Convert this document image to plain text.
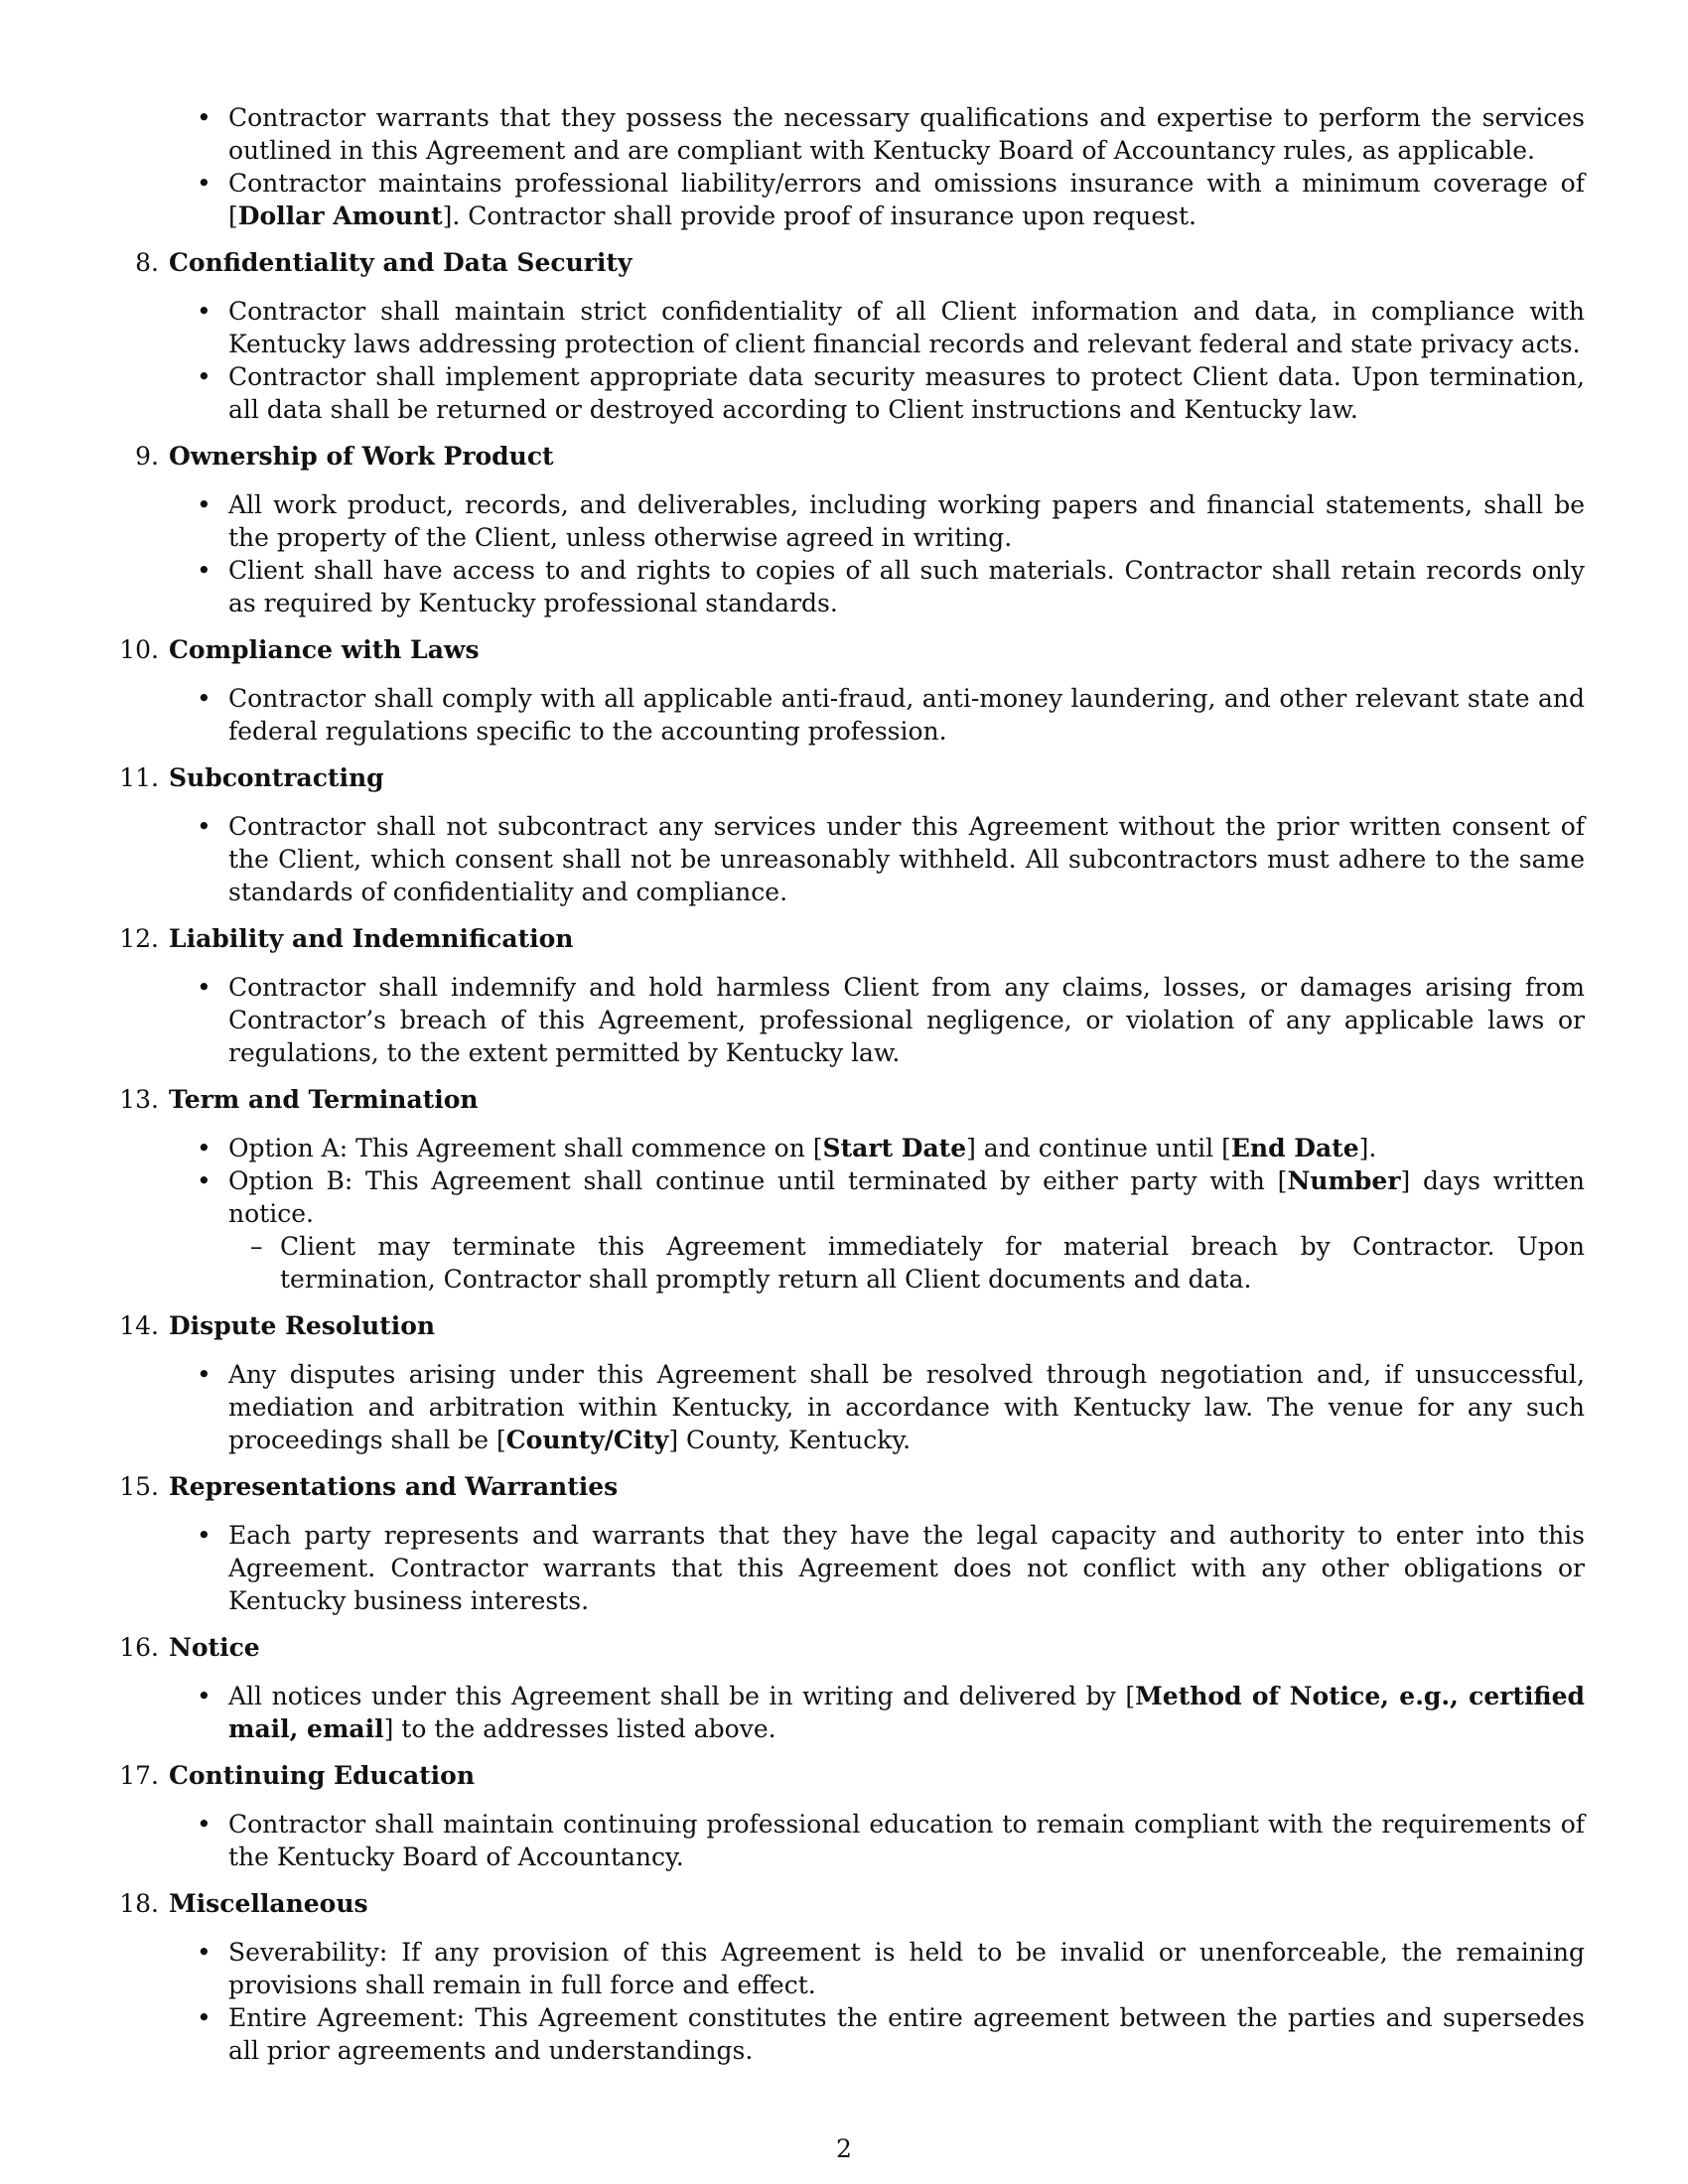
• Contractor warrants that they possess the necessary qualifications and expertise to perform the services outlined in this Agreement and are compliant with Kentucky Board of Accountancy rules, as applicable.
• Contractor maintains professional liability/errors and omissions insurance with a minimum coverage of [Dollar Amount]. Contractor shall provide proof of insurance upon request.
8. Confidentiality and Data Security
• Contractor shall maintain strict confidentiality of all Client information and data, in compliance with Kentucky laws addressing protection of client financial records and relevant federal and state privacy acts.
• Contractor shall implement appropriate data security measures to protect Client data. Upon termination, all data shall be returned or destroyed according to Client instructions and Kentucky law.
9. Ownership of Work Product
• All work product, records, and deliverables, including working papers and financial statements, shall be the property of the Client, unless otherwise agreed in writing.
• Client shall have access to and rights to copies of all such materials. Contractor shall retain records only as required by Kentucky professional standards.
10. Compliance with Laws
• Contractor shall comply with all applicable anti-fraud, anti-money laundering, and other relevant state and federal regulations specific to the accounting profession.
11. Subcontracting
• Contractor shall not subcontract any services under this Agreement without the prior written consent of the Client, which consent shall not be unreasonably withheld. All subcontractors must adhere to the same standards of confidentiality and compliance.
12. Liability and Indemnification
• Contractor shall indemnify and hold harmless Client from any claims, losses, or damages arising from Contractor’s breach of this Agreement, professional negligence, or violation of any applicable laws or regulations, to the extent permitted by Kentucky law.
13. Term and Termination
• Option A: This Agreement shall commence on [Start Date] and continue until [End Date].
• Option B: This Agreement shall continue until terminated by either party with [Number] days written notice.
– Client may terminate this Agreement immediately for material breach by Contractor. Upon termination, Contractor shall promptly return all Client documents and data.
14. Dispute Resolution
• Any disputes arising under this Agreement shall be resolved through negotiation and, if unsuccessful, mediation and arbitration within Kentucky, in accordance with Kentucky law. The venue for any such proceedings shall be [County/City] County, Kentucky.
15. Representations and Warranties
• Each party represents and warrants that they have the legal capacity and authority to enter into this Agreement. Contractor warrants that this Agreement does not conflict with any other obligations or Kentucky business interests.
16. Notice
• All notices under this Agreement shall be in writing and delivered by [Method of Notice, e.g., certified mail, email] to the addresses listed above.
17. Continuing Education
• Contractor shall maintain continuing professional education to remain compliant with the requirements of the Kentucky Board of Accountancy.
18. Miscellaneous
• Severability: If any provision of this Agreement is held to be invalid or unenforceable, the remaining provisions shall remain in full force and effect.
• Entire Agreement: This Agreement constitutes the entire agreement between the parties and supersedes all prior agreements and understandings.
2
